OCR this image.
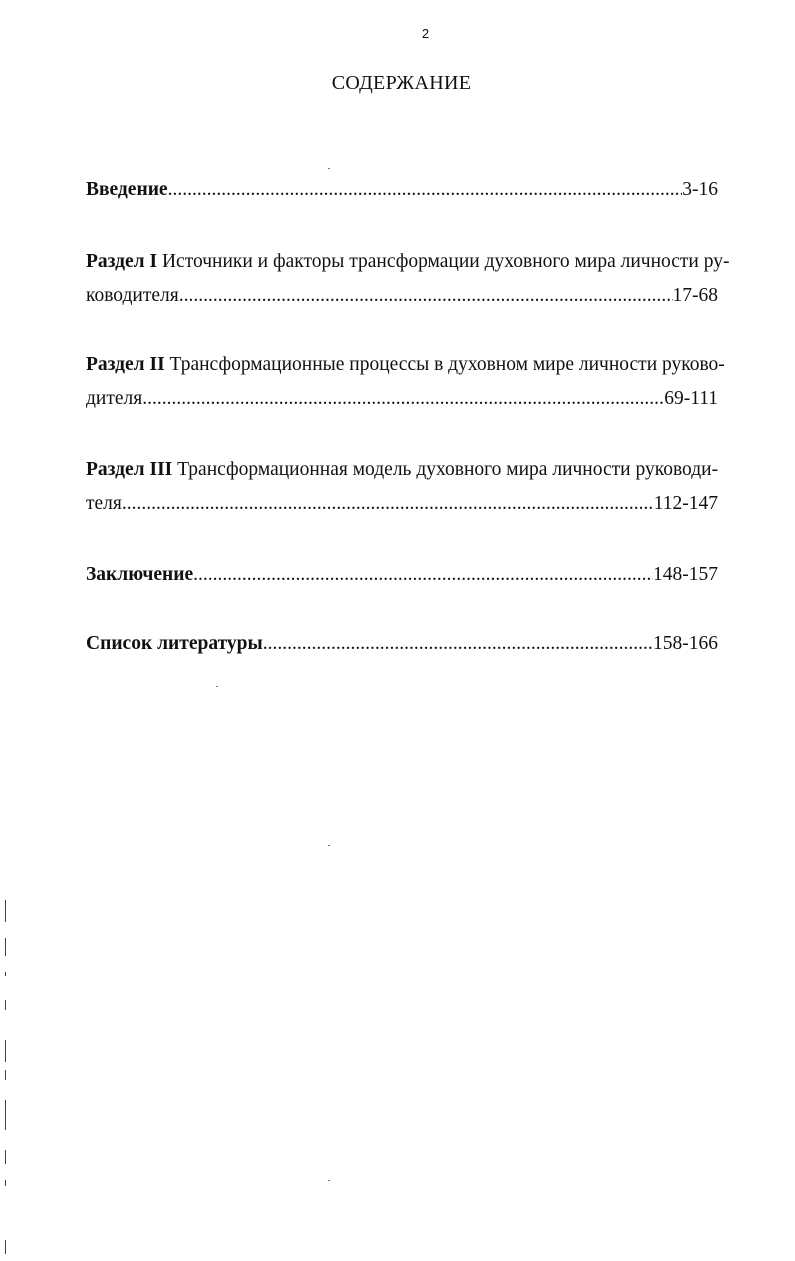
2
СОДЕРЖАНИЕ
Введение .....	3-16
Раздел I Источники и факторы трансформации духовного мира личности ру-
ководителя .....	17-68
Раздел II Трансформационные процессы в духовном мире личности руково-
дителя .....	69-111
Раздел III Трансформационная модель духовного мира личности руководи-
теля .....	112-147
Заключение .....	148-157
Список литературы .....	158-166
